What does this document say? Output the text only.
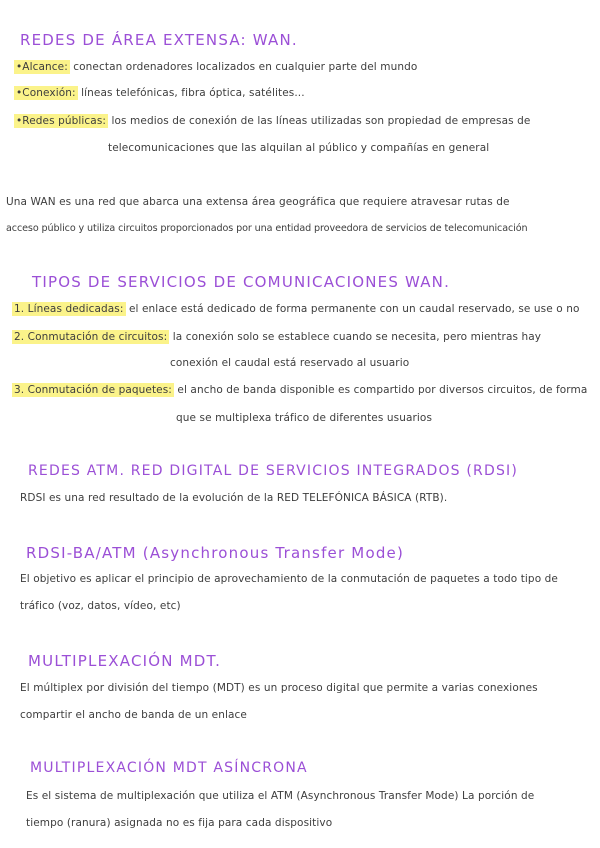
REDES DE ÁREA EXTENSA: WAN.
•Alcance: conectan ordenadores localizados en cualquier parte del mundo
•Conexión: líneas telefónicas, fibra óptica, satélites...
•Redes públicas: los medios de conexión de las líneas utilizadas son propiedad de empresas de
telecomunicaciones que las alquilan al público y compañías en general
Una WAN es una red que abarca una extensa área geográfica que requiere atravesar rutas de
acceso público y utiliza circuitos proporcionados por una entidad proveedora de servicios de telecomunicación
TIPOS DE SERVICIOS DE COMUNICACIONES WAN.
1. Líneas dedicadas: el enlace está dedicado de forma permanente con un caudal reservado, se use o no
2. Conmutación de circuitos: la conexión solo se establece cuando se necesita, pero mientras hay
conexión el caudal está reservado al usuario
3. Conmutación de paquetes: el ancho de banda disponible es compartido por diversos circuitos, de forma
que se multiplexa tráfico de diferentes usuarios
REDES ATM. RED DIGITAL DE SERVICIOS INTEGRADOS (RDSI)
RDSI es una red resultado de la evolución de la RED TELEFÓNICA BÁSICA (RTB).
RDSI-BA/ATM (Asynchronous Transfer Mode)
El objetivo es aplicar el principio de aprovechamiento de la conmutación de paquetes a todo tipo de
tráfico (voz, datos, vídeo, etc)
MULTIPLEXACIÓN MDT.
El múltiplex por división del tiempo (MDT) es un proceso digital que permite a varias conexiones
compartir el ancho de banda de un enlace
MULTIPLEXACIÓN MDT ASÍNCRONA
Es el sistema de multiplexación que utiliza el ATM (Asynchronous Transfer Mode) La porción de
tiempo (ranura) asignada no es fija para cada dispositivo
